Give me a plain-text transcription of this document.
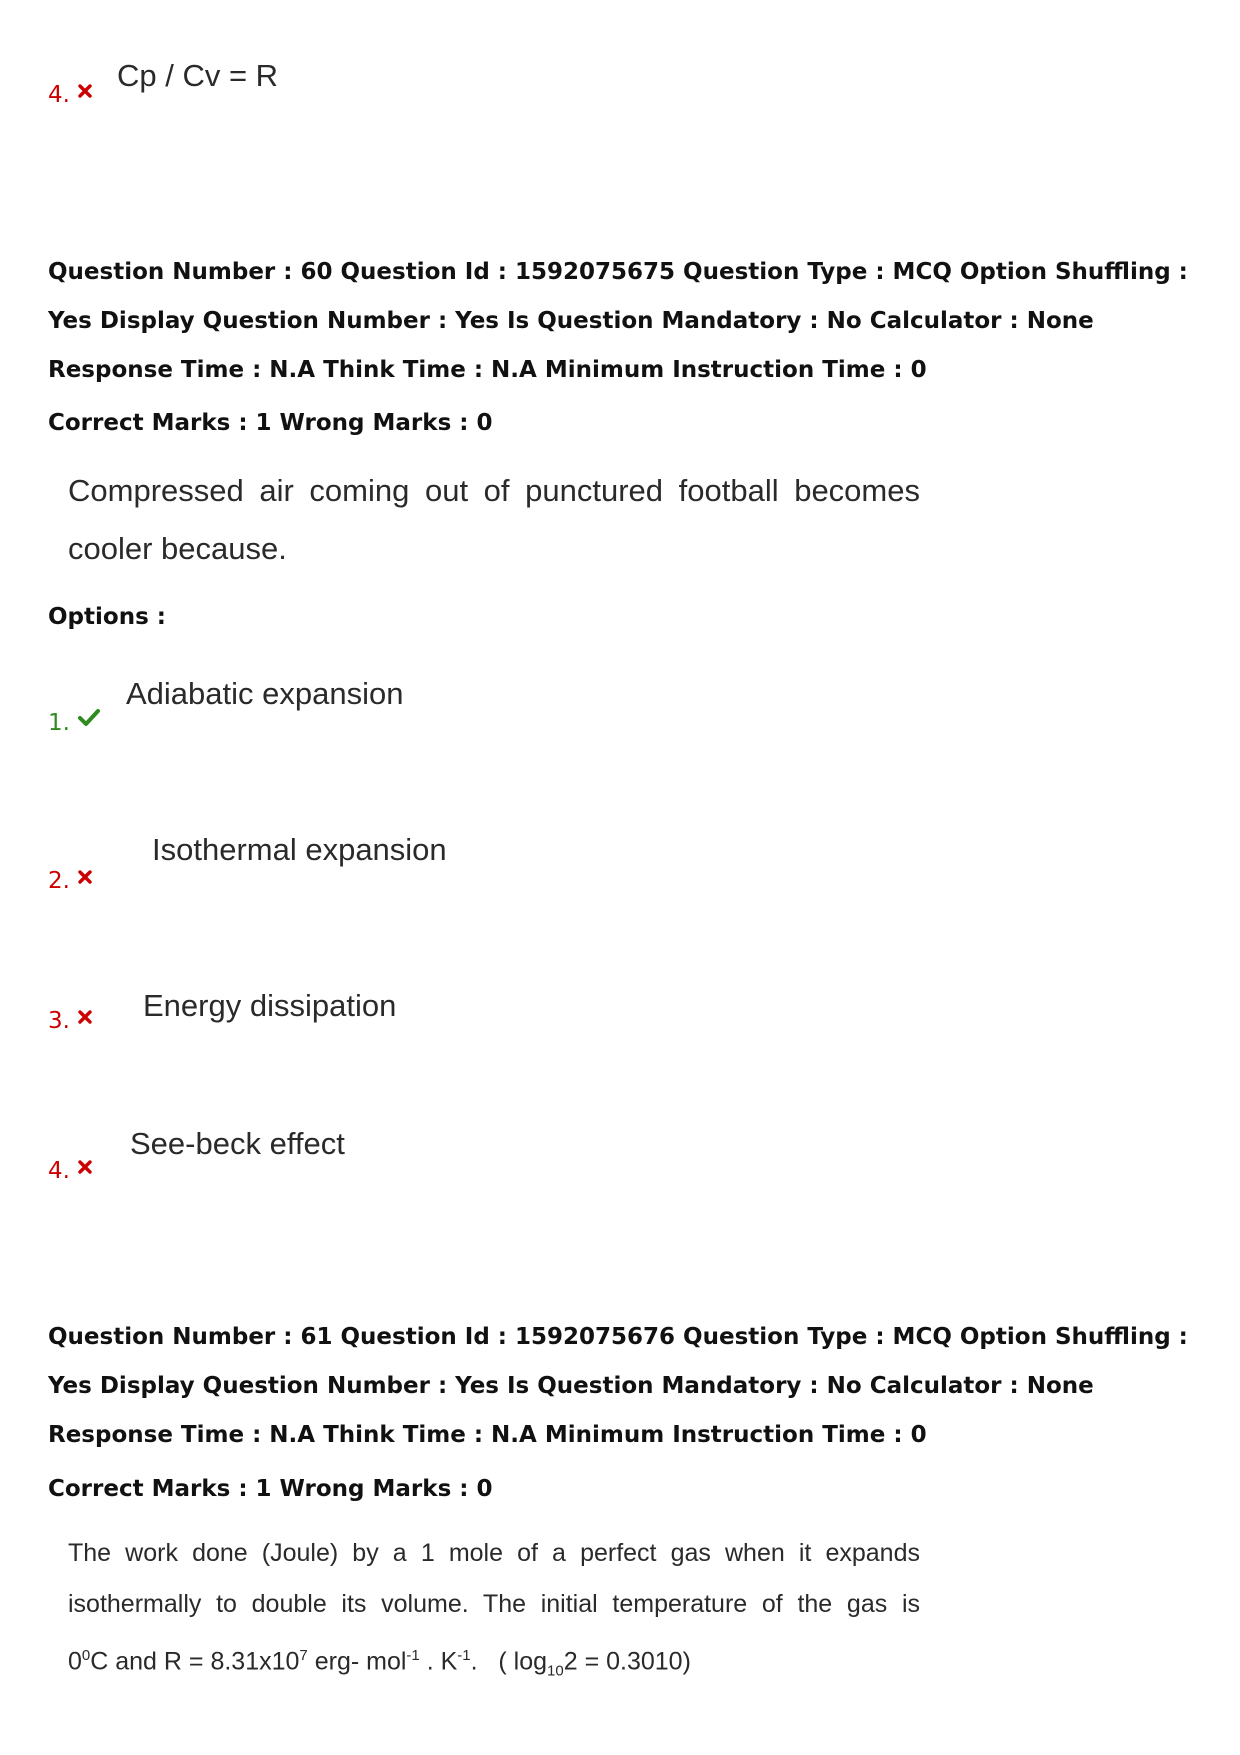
4.
Cp / Cv = R
Question Number : 60 Question Id : 1592075675 Question Type : MCQ Option Shuffling : Yes Display Question Number : Yes Is Question Mandatory : No Calculator : None Response Time : N.A Think Time : N.A Minimum Instruction Time : 0
Correct Marks : 1 Wrong Marks : 0
Compressed air coming out of punctured football becomes
cooler because.
Options :
1.
Adiabatic expansion
2.
Isothermal expansion
3.	Energy dissipation
4.
See-beck effect
Question Number : 61 Question Id : 1592075676 Question Type : MCQ Option Shuffling : Yes Display Question Number : Yes Is Question Mandatory : No Calculator : None Response Time : N.A Think Time : N.A Minimum Instruction Time : 0
Correct Marks : 1 Wrong Marks : 0
The work done (Joule) by a 1 mole of a perfect gas when it expands
isothermally to double its volume. The initial temperature of the gas is
$0^0C$ and $R = 8.31x10^7$ erg- mol$^{-1}$ . $K^{-1}$.   ( $\log_{10}2 = 0.3010$)
